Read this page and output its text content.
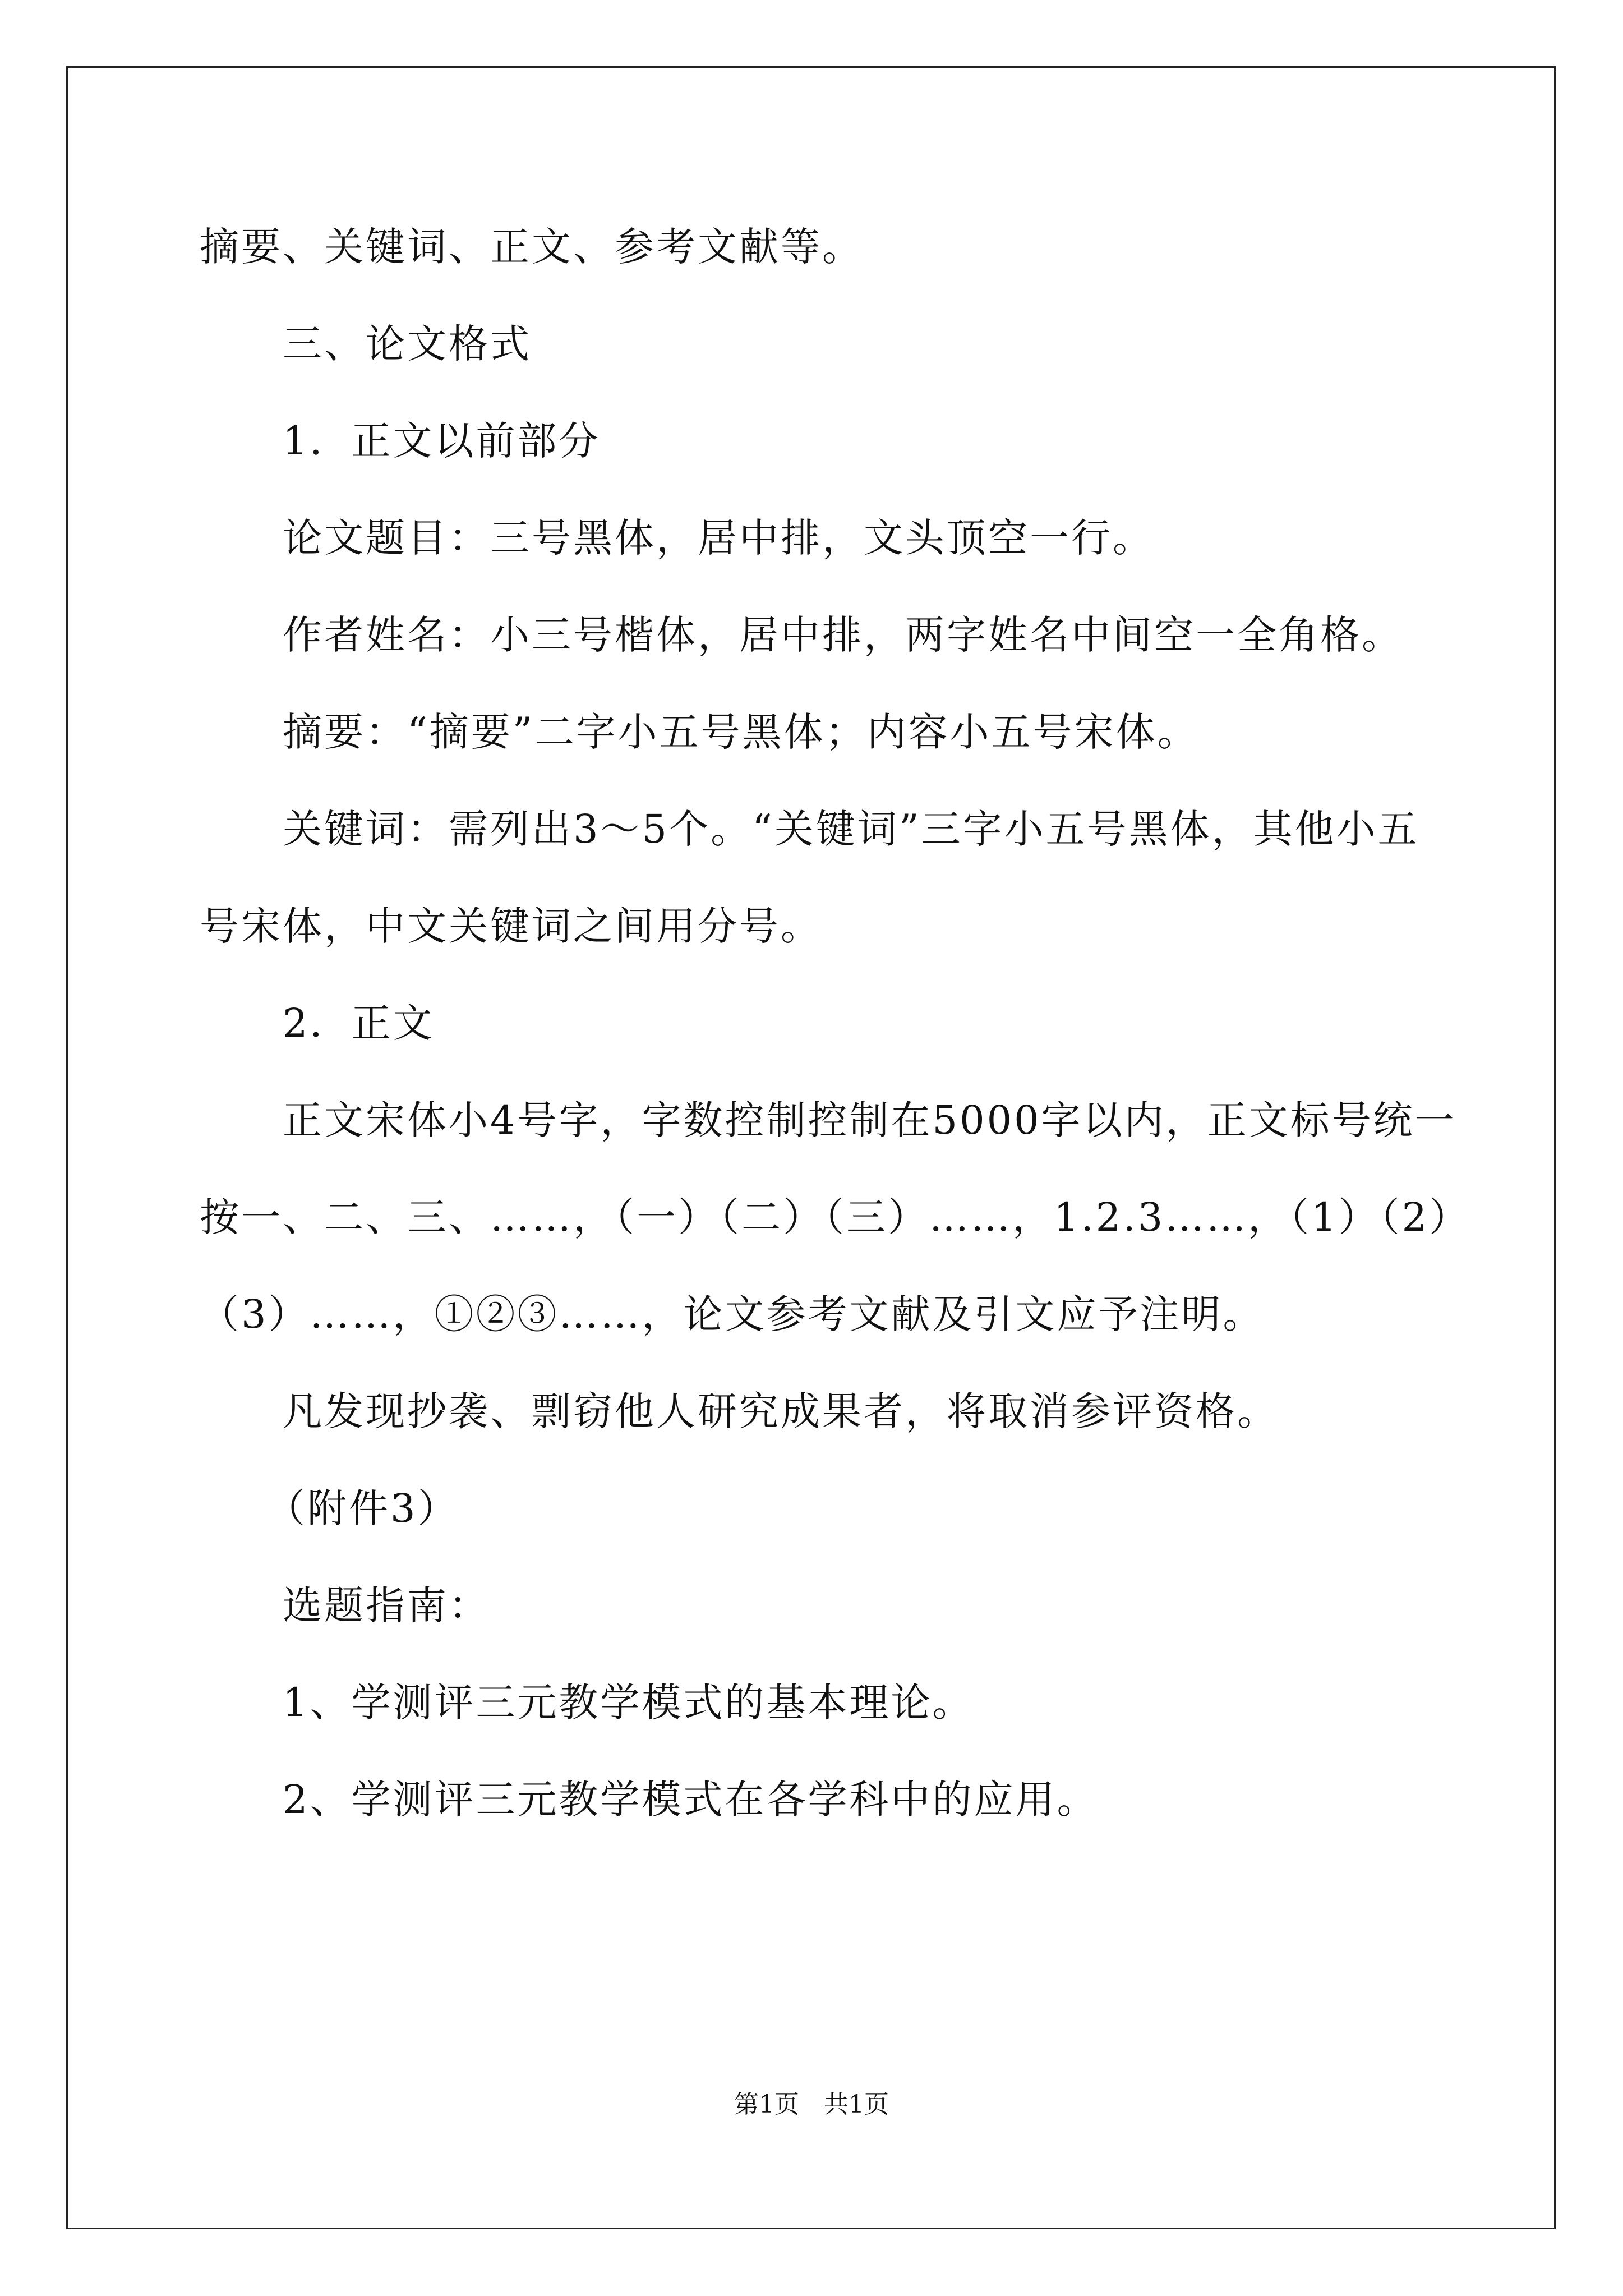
摘要、关键词、正文、参考文献等。
三、论文格式
1．正文以前部分
论文题目：三号黑体，居中排，文头顶空一行。
作者姓名：小三号楷体，居中排，两字姓名中间空一全角格。
摘要：“摘要”二字小五号黑体；内容小五号宋体。
关键词：需列出3～5个。“关键词”三字小五号黑体，其他小五
号宋体，中文关键词之间用分号。
2．正文
正文宋体小4号字，字数控制控制在5000字以内，正文标号统一
按一、二、三、……，（一）（二）（三）……，1.2.3……，（1）（2）
（3）……，①②③……，论文参考文献及引文应予注明。
凡发现抄袭、剽窃他人研究成果者，将取消参评资格。
（附件3）
选题指南：
1、学测评三元教学模式的基本理论。
2、学测评三元教学模式在各学科中的应用。
第1页　共1页
